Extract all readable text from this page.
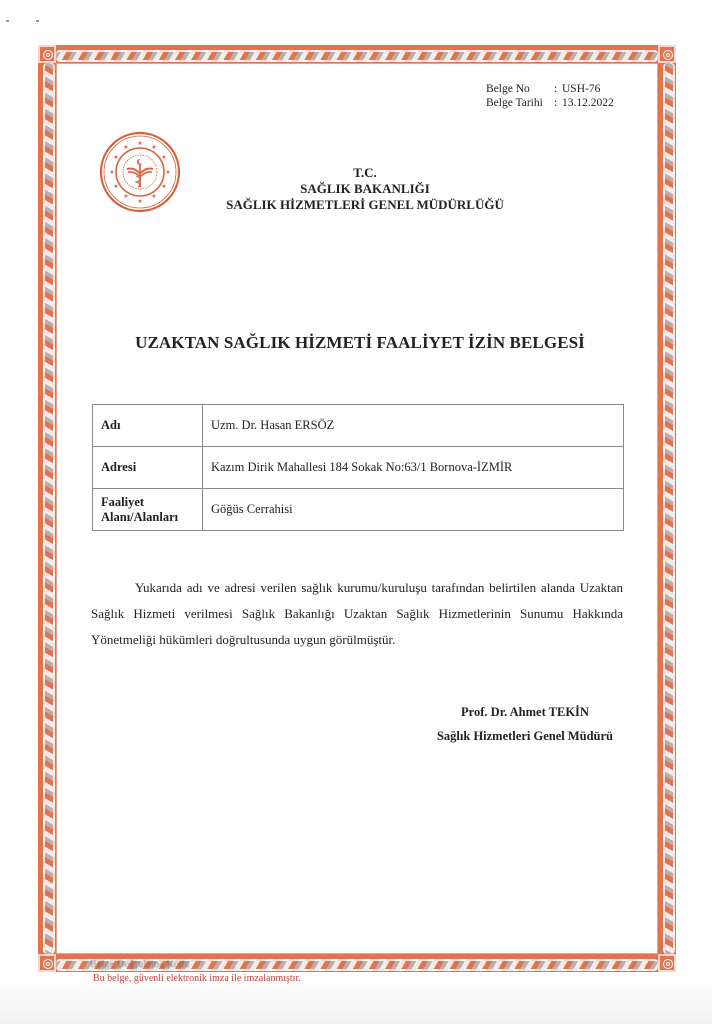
Belge No	: USH-76
Belge Tarihi : 13.12.2022
★
★
★
★
★
★
★
★
★
★
★
★
T.C.
SAĞLIK BAKANLIĞI
SAĞLIK HİZMETLERİ GENEL MÜDÜRLÜĞÜ
UZAKTAN SAĞLIK HİZMETİ FAALİYET İZİN BELGESİ
Adı	Uzm. Dr. Hasan ERSÖZ
Adresi	Kazım Dirik Mahallesi 184 Sokak No:63/1 Bornova-İZMİR
Faaliyet Alanı/Alanları	Göğüs Cerrahisi
Yukarıda adı ve adresi verilen sağlık kurumu/kuruluşu tarafından belirtilen alanda Uzaktan Sağlık Hizmeti verilmesi Sağlık Bakanlığı Uzaktan Sağlık Hizmetlerinin Sunumu Hakkında Yönetmeliği hükümleri doğrultusunda uygun görülmüştür.
Prof. Dr. Ahmet TEKİN
Sağlık Hizmetleri Genel Müdürü
Belge Doğrulama Kodu
Bu belge, güvenli elektronik imza ile imzalanmıştır.
